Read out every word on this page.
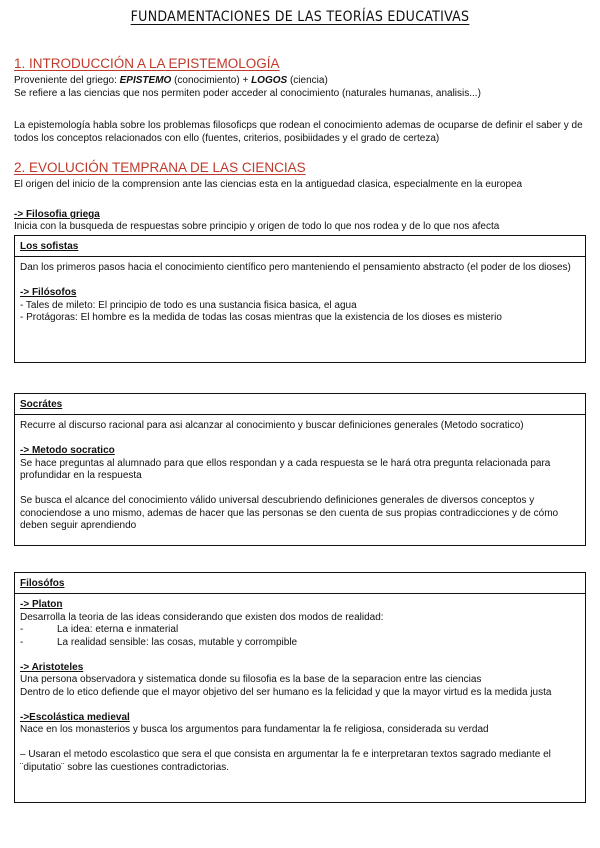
FUNDAMENTACIONES DE LAS TEORÍAS EDUCATIVAS
1. INTRODUCCIÓN A LA EPISTEMOLOGÍA

Proveniente del griego: EPISTEMO (conocimiento) + LOGOS (ciencia)

Se refiere a las ciencias que nos permiten poder acceder al conocimiento (naturales humanas, analisis...)

La epistemología habla sobre los problemas filosoficps que rodean el conocimiento ademas de ocuparse de definir el saber y de todos los conceptos relacionados con ello (fuentes, criterios, posibiidades y el grado de certeza)

2. EVOLUCIÓN TEMPRANA DE LAS CIENCIAS

El origen del inicio de la comprension ante las ciencias esta en la antiguedad clasica, especialmente en la europea

-> Filosofia griega

Inicia con la busqueda de respuestas sobre principio y origen de todo lo que nos rodea y de lo que nos afecta

Los sofistas

Dan los primeros pasos hacia el conocimiento científico pero manteniendo el pensamiento abstracto (el poder de los dioses)

-> Filósofos

- Tales de mileto: El principio de todo es una sustancia fisica basica, el agua

- Protágoras: El hombre es la medida de todas las cosas mientras que la existencia de los dioses es misterio

Socrátes

Recurre al discurso racional para asi alcanzar al conocimiento y buscar definiciones generales (Metodo socratico)

-> Metodo socratico

Se hace preguntas al alumnado para que ellos respondan y a cada respuesta se le hará otra pregunta relacionada para profundidar en la respuesta

Se busca el alcance del conocimiento válido universal descubriendo definiciones generales de diversos conceptos y conociendose a uno mismo, ademas de hacer que las personas se den cuenta de sus propias contradicciones y de cómo deben seguir aprendiendo

Filosófos

-> Platon

Desarrolla la teoria de las ideas considerando que existen dos modos de realidad:

-	La idea: eterna e inmaterial
-	La realidad sensible: las cosas, mutable y corrompible

-> Aristoteles

Una persona observadora y sistematica donde su filosofia es la base de la separacion entre las ciencias

Dentro de lo etico defiende que el mayor objetivo del ser humano es la felicidad y que la mayor virtud es la medida justa

->Escolástica medieval

Nace en los monasterios y busca los argumentos para fundamentar la fe religiosa, considerada su verdad

– Usaran el metodo escolastico que sera el que consista en argumentar la fe e interpretaran textos sagrado mediante el ¨diputatio¨ sobre las cuestiones contradictorias.
